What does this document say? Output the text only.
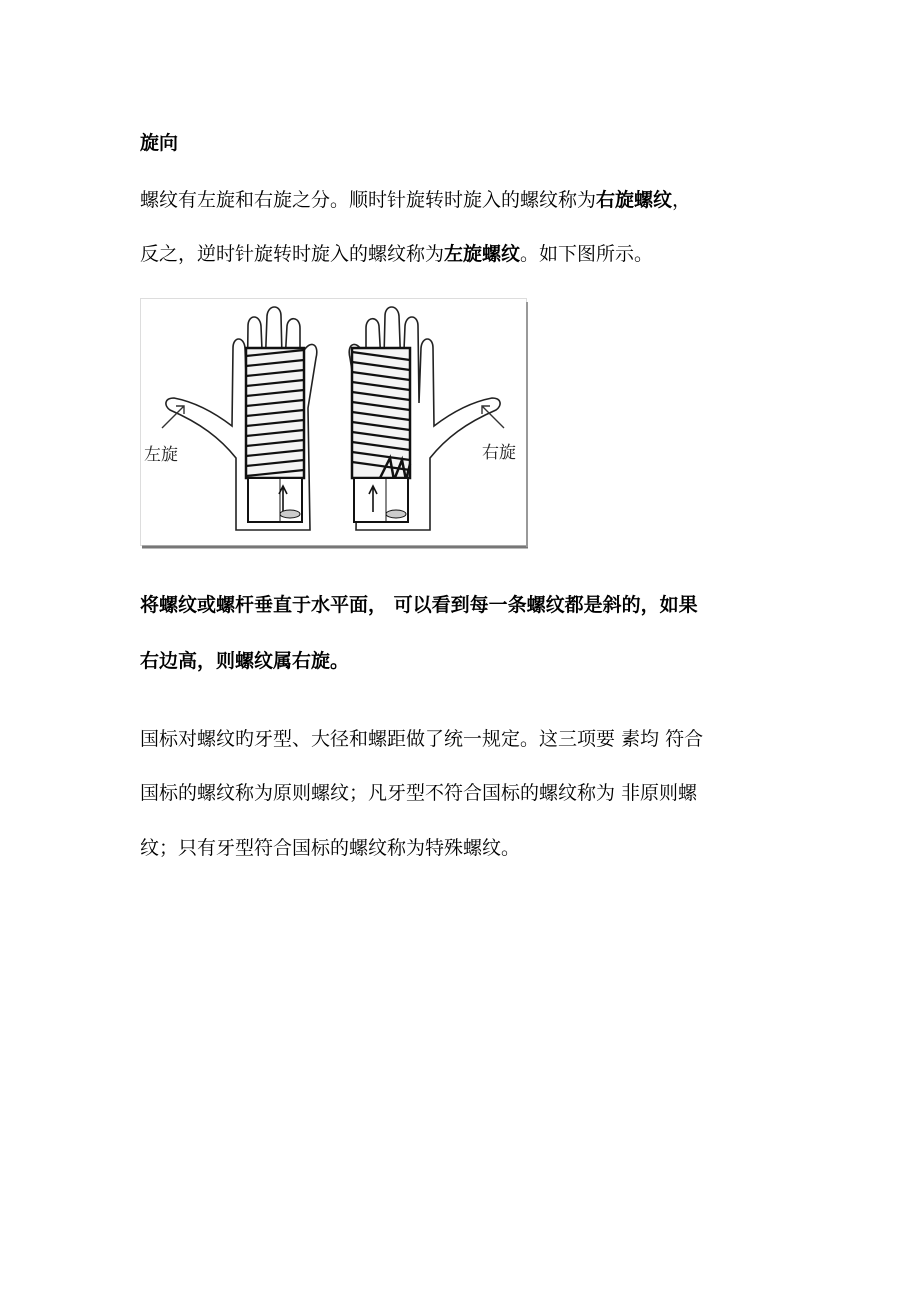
旋向
螺纹有左旋和右旋之分。顺时针旋转时旋入的螺纹称为右旋螺纹，
反之，逆时针旋转时旋入的螺纹称为左旋螺纹。如下图所示。
左旋	右旋
将螺纹或螺杆垂直于水平面， 可以看到每一条螺纹都是斜的，如果
右边高，则螺纹属右旋。
国标对螺纹旳牙型、大径和螺距做了统一规定。这三项要 素均 符合
国标的螺纹称为原则螺纹；凡牙型不符合国标的螺纹称为 非原则螺
纹；只有牙型符合国标的螺纹称为特殊螺纹。
